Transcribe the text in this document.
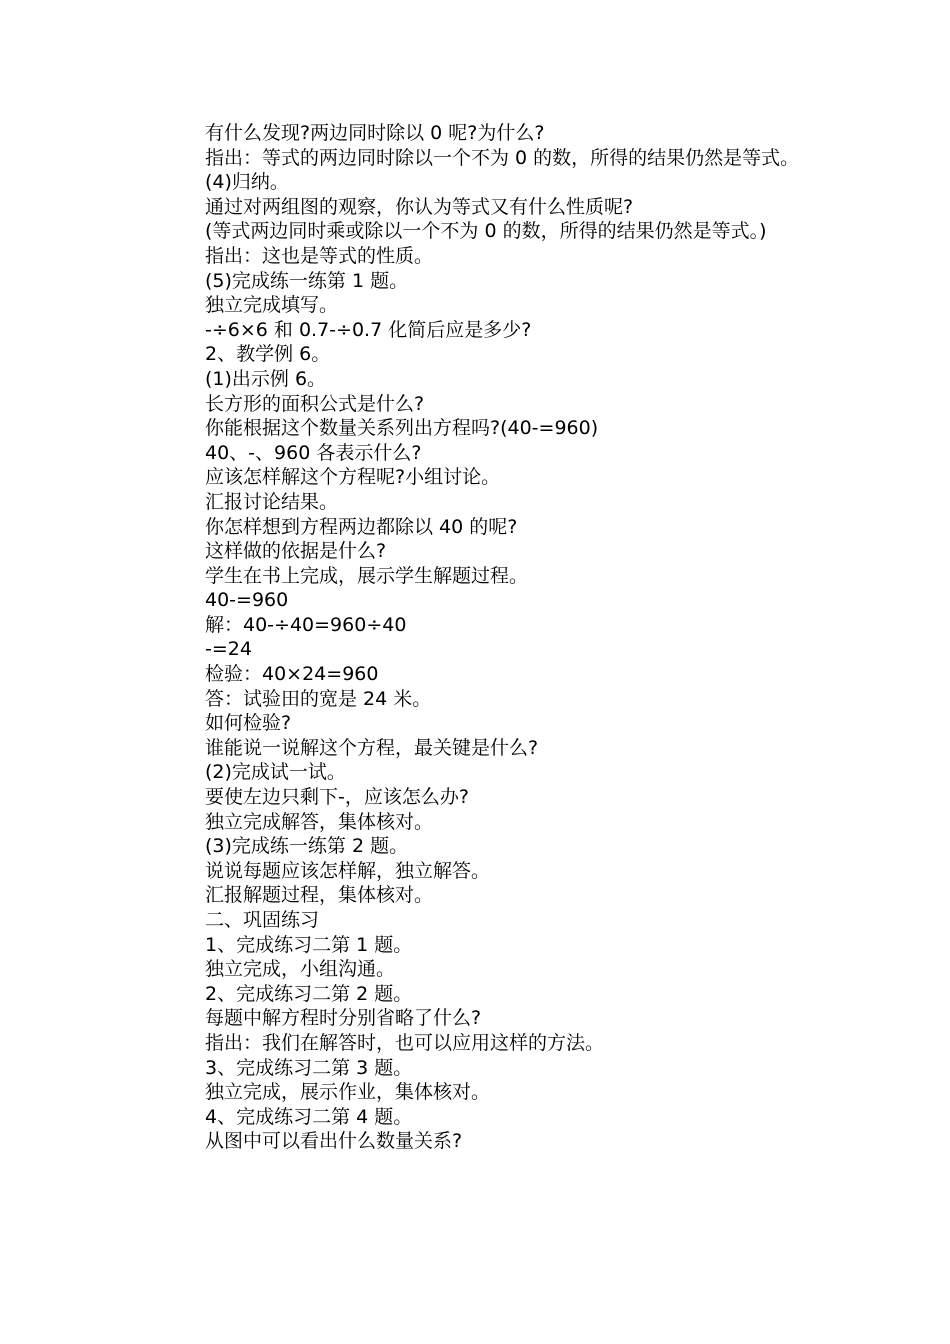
有什么发现?两边同时除以 0 呢?为什么?

指出：等式的两边同时除以一个不为 0 的数，所得的结果仍然是等式。

(4)归纳。

通过对两组图的观察，你认为等式又有什么性质呢?

(等式两边同时乘或除以一个不为 0 的数，所得的结果仍然是等式。)

指出：这也是等式的性质。

(5)完成练一练第 1 题。

独立完成填写。

-÷6×6 和 0.7-÷0.7 化简后应是多少?

2、教学例 6。

(1)出示例 6。

长方形的面积公式是什么?

你能根据这个数量关系列出方程吗?(40-=960)

40、-、960 各表示什么?

应该怎样解这个方程呢?小组讨论。

汇报讨论结果。

你怎样想到方程两边都除以 40 的呢?

这样做的依据是什么?

学生在书上完成，展示学生解题过程。

40-=960

解：40-÷40=960÷40

-=24

检验：40×24=960

答：试验田的宽是 24 米。

如何检验?

谁能说一说解这个方程，最关键是什么?

(2)完成试一试。

要使左边只剩下-，应该怎么办?

独立完成解答，集体核对。

(3)完成练一练第 2 题。

说说每题应该怎样解，独立解答。

汇报解题过程，集体核对。

二、巩固练习

1、完成练习二第 1 题。

独立完成，小组沟通。

2、完成练习二第 2 题。

每题中解方程时分别省略了什么?

指出：我们在解答时，也可以应用这样的方法。

3、完成练习二第 3 题。

独立完成，展示作业，集体核对。

4、完成练习二第 4 题。

从图中可以看出什么数量关系?
